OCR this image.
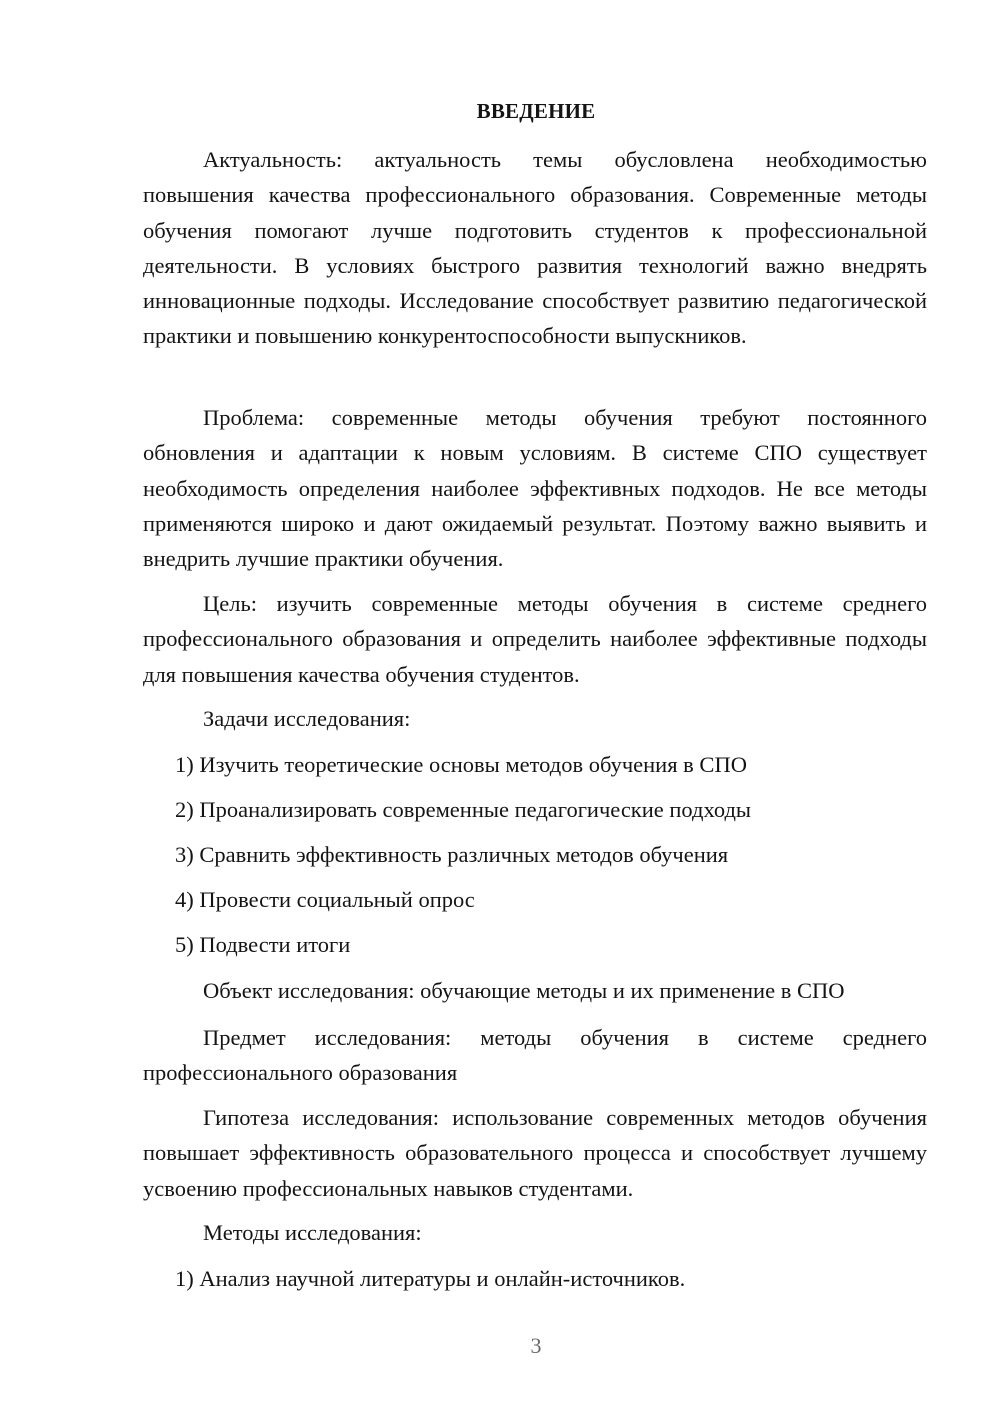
ВВЕДЕНИЕ
Актуальность: актуальность темы обусловлена необходимостью повышения качества профессионального образования. Современные методы обучения помогают лучше подготовить студентов к профессиональной деятельности. В условиях быстрого развития технологий важно внедрять инновационные подходы. Исследование способствует развитию педагогической практики и повышению конкурентоспособности выпускников.
Проблема: современные методы обучения требуют постоянного обновления и адаптации к новым условиям. В системе СПО существует необходимость определения наиболее эффективных подходов. Не все методы применяются широко и дают ожидаемый результат. Поэтому важно выявить и внедрить лучшие практики обучения.
Цель: изучить современные методы обучения в системе среднего профессионального образования и определить наиболее эффективные подходы для повышения качества обучения студентов.
Задачи исследования:
1) Изучить теоретические основы методов обучения в СПО
2) Проанализировать современные педагогические подходы
3) Сравнить эффективность различных методов обучения
4) Провести социальный опрос
5) Подвести итоги
Объект исследования: обучающие методы и их применение в СПО
Предмет исследования: методы обучения в системе среднего профессионального образования
Гипотеза исследования: использование современных методов обучения повышает эффективность образовательного процесса и способствует лучшему усвоению профессиональных навыков студентами.
Методы исследования:
1) Анализ научной литературы и онлайн-источников.
3
